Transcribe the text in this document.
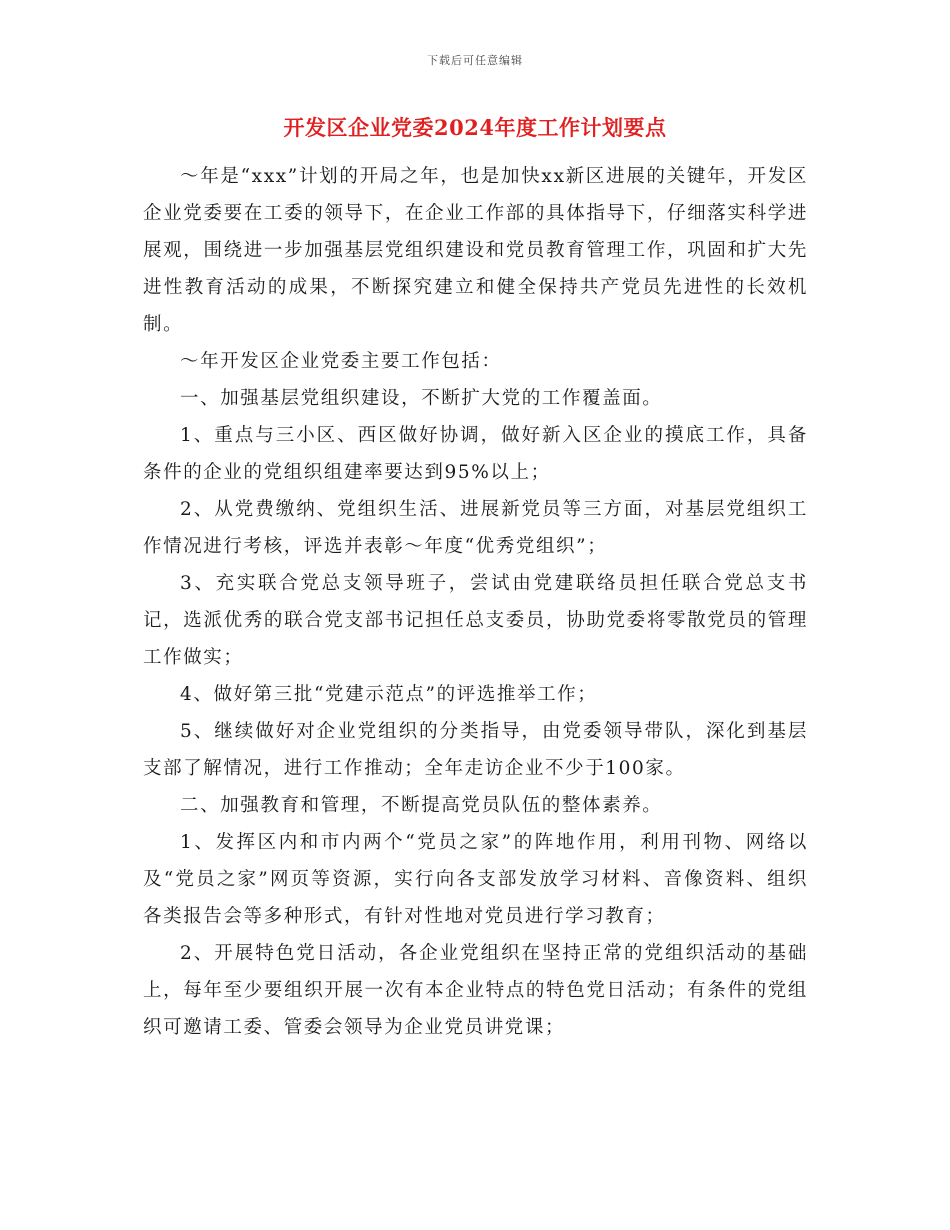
下载后可任意编辑
开发区企业党委2024年度工作计划要点

～年是“xxx”计划的开局之年，也是加快xx新区进展的关键年，开发区企业党委要在工委的领导下，在企业工作部的具体指导下，仔细落实科学进展观，围绕进一步加强基层党组织建设和党员教育管理工作，巩固和扩大先进性教育活动的成果，不断探究建立和健全保持共产党员先进性的长效机制。

～年开发区企业党委主要工作包括：

一、加强基层党组织建设，不断扩大党的工作覆盖面。

1、重点与三小区、西区做好协调，做好新入区企业的摸底工作，具备条件的企业的党组织组建率要达到95%以上；

2、从党费缴纳、党组织生活、进展新党员等三方面，对基层党组织工作情况进行考核，评选并表彰～年度“优秀党组织”；

3、充实联合党总支领导班子，尝试由党建联络员担任联合党总支书记，选派优秀的联合党支部书记担任总支委员，协助党委将零散党员的管理工作做实；

4、做好第三批“党建示范点”的评选推举工作；

5、继续做好对企业党组织的分类指导，由党委领导带队，深化到基层支部了解情况，进行工作推动；全年走访企业不少于100家。

二、加强教育和管理，不断提高党员队伍的整体素养。

1、发挥区内和市内两个“党员之家”的阵地作用，利用刊物、网络以及“党员之家”网页等资源，实行向各支部发放学习材料、音像资料、组织各类报告会等多种形式，有针对性地对党员进行学习教育；

2、开展特色党日活动，各企业党组织在坚持正常的党组织活动的基础上，每年至少要组织开展一次有本企业特点的特色党日活动；有条件的党组织可邀请工委、管委会领导为企业党员讲党课；
